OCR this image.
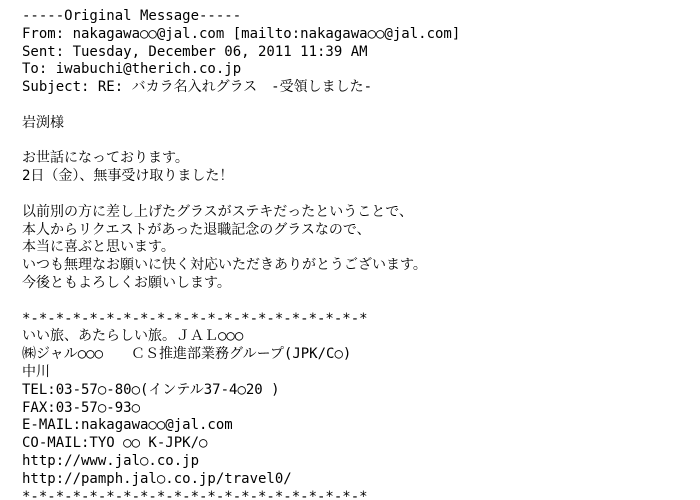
-----Original Message-----
From: nakagawa○○@jal.com [mailto:nakagawa○○@jal.com]
Sent: Tuesday, December 06, 2011 11:39 AM
To: iwabuchi@therich.co.jp
Subject: RE: バカラ名入れグラス　-受領しました-
岩渕様
お世話になっております。
2日（金）、無事受け取りました！
以前別の方に差し上げたグラスがステキだったということで、
本人からリクエストがあった退職記念のグラスなので、
本当に喜ぶと思います。
いつも無理なお願いに快く対応いただきありがとうございます。
今後ともよろしくお願いします。
*-*-*-*-*-*-*-*-*-*-*-*-*-*-*-*-*-*-*-*-*
いい旅、あたらしい旅。ＪＡＬ○○○
㈱ジャル○○○　　ＣＳ推進部業務グループ(JPK/C○)
中川
TEL:03-57○-80○(インテル37-4○20 )
FAX:03-57○-93○
E-MAIL:nakagawa○○@jal.com
CO-MAIL:TYO ○○ K-JPK/○
http://www.jal○.co.jp
http://pamph.jal○.co.jp/travel0/
*-*-*-*-*-*-*-*-*-*-*-*-*-*-*-*-*-*-*-*-*
